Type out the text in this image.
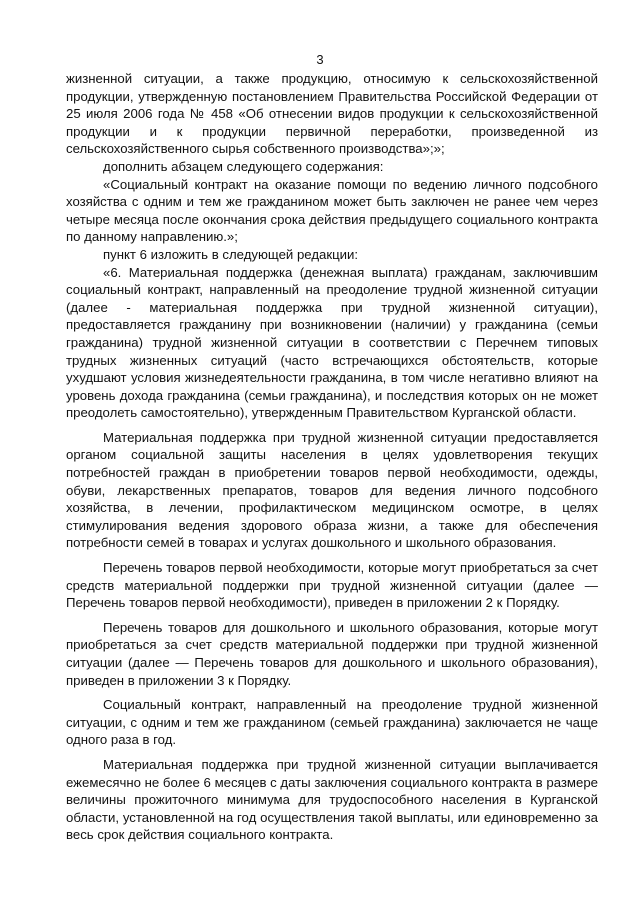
3

жизненной ситуации, а также продукцию, относимую к сельскохозяйственной продукции, утвержденную постановлением Правительства Российской Федерации от 25 июля 2006 года № 458 «Об отнесении видов продукции к сельскохозяйственной продукции и к продукции первичной переработки, произведенной из сельскохозяйственного сырья собственного производства»;»;

дополнить абзацем следующего содержания:

«Социальный контракт на оказание помощи по ведению личного подсобного хозяйства с одним и тем же гражданином может быть заключен не ранее чем через четыре месяца после окончания срока действия предыдущего социального контракта по данному направлению.»;

пункт 6 изложить в следующей редакции:

«6. Материальная поддержка (денежная выплата) гражданам, заключившим социальный контракт, направленный на преодоление трудной жизненной ситуации (далее - материальная поддержка при трудной жизненной ситуации), предоставляется гражданину при возникновении (наличии) у гражданина (семьи гражданина) трудной жизненной ситуации в соответствии с Перечнем типовых трудных жизненных ситуаций (часто встречающихся обстоятельств, которые ухудшают условия жизнедеятельности гражданина, в том числе негативно влияют на уровень дохода гражданина (семьи гражданина), и последствия которых он не может преодолеть самостоятельно), утвержденным Правительством Курганской области.

Материальная поддержка при трудной жизненной ситуации предоставляется органом социальной защиты населения в целях удовлетворения текущих потребностей граждан в приобретении товаров первой необходимости, одежды, обуви, лекарственных препаратов, товаров для ведения личного подсобного хозяйства, в лечении, профилактическом медицинском осмотре, в целях стимулирования ведения здорового образа жизни, а также для обеспечения потребности семей в товарах и услугах дошкольного и школьного образования.

Перечень товаров первой необходимости, которые могут приобретаться за счет средств материальной поддержки при трудной жизненной ситуации (далее — Перечень товаров первой необходимости), приведен в приложении 2 к Порядку.

Перечень товаров для дошкольного и школьного образования, которые могут приобретаться за счет средств материальной поддержки при трудной жизненной ситуации (далее — Перечень товаров для дошкольного и школьного образования), приведен в приложении 3 к Порядку.

Социальный контракт, направленный на преодоление трудной жизненной ситуации, с одним и тем же гражданином (семьей гражданина) заключается не чаще одного раза в год.

Материальная поддержка при трудной жизненной ситуации выплачивается ежемесячно не более 6 месяцев с даты заключения социального контракта в размере величины прожиточного минимума для трудоспособного населения в Курганской области, установленной на год осуществления такой выплаты, или единовременно за весь срок действия социального контракта.
